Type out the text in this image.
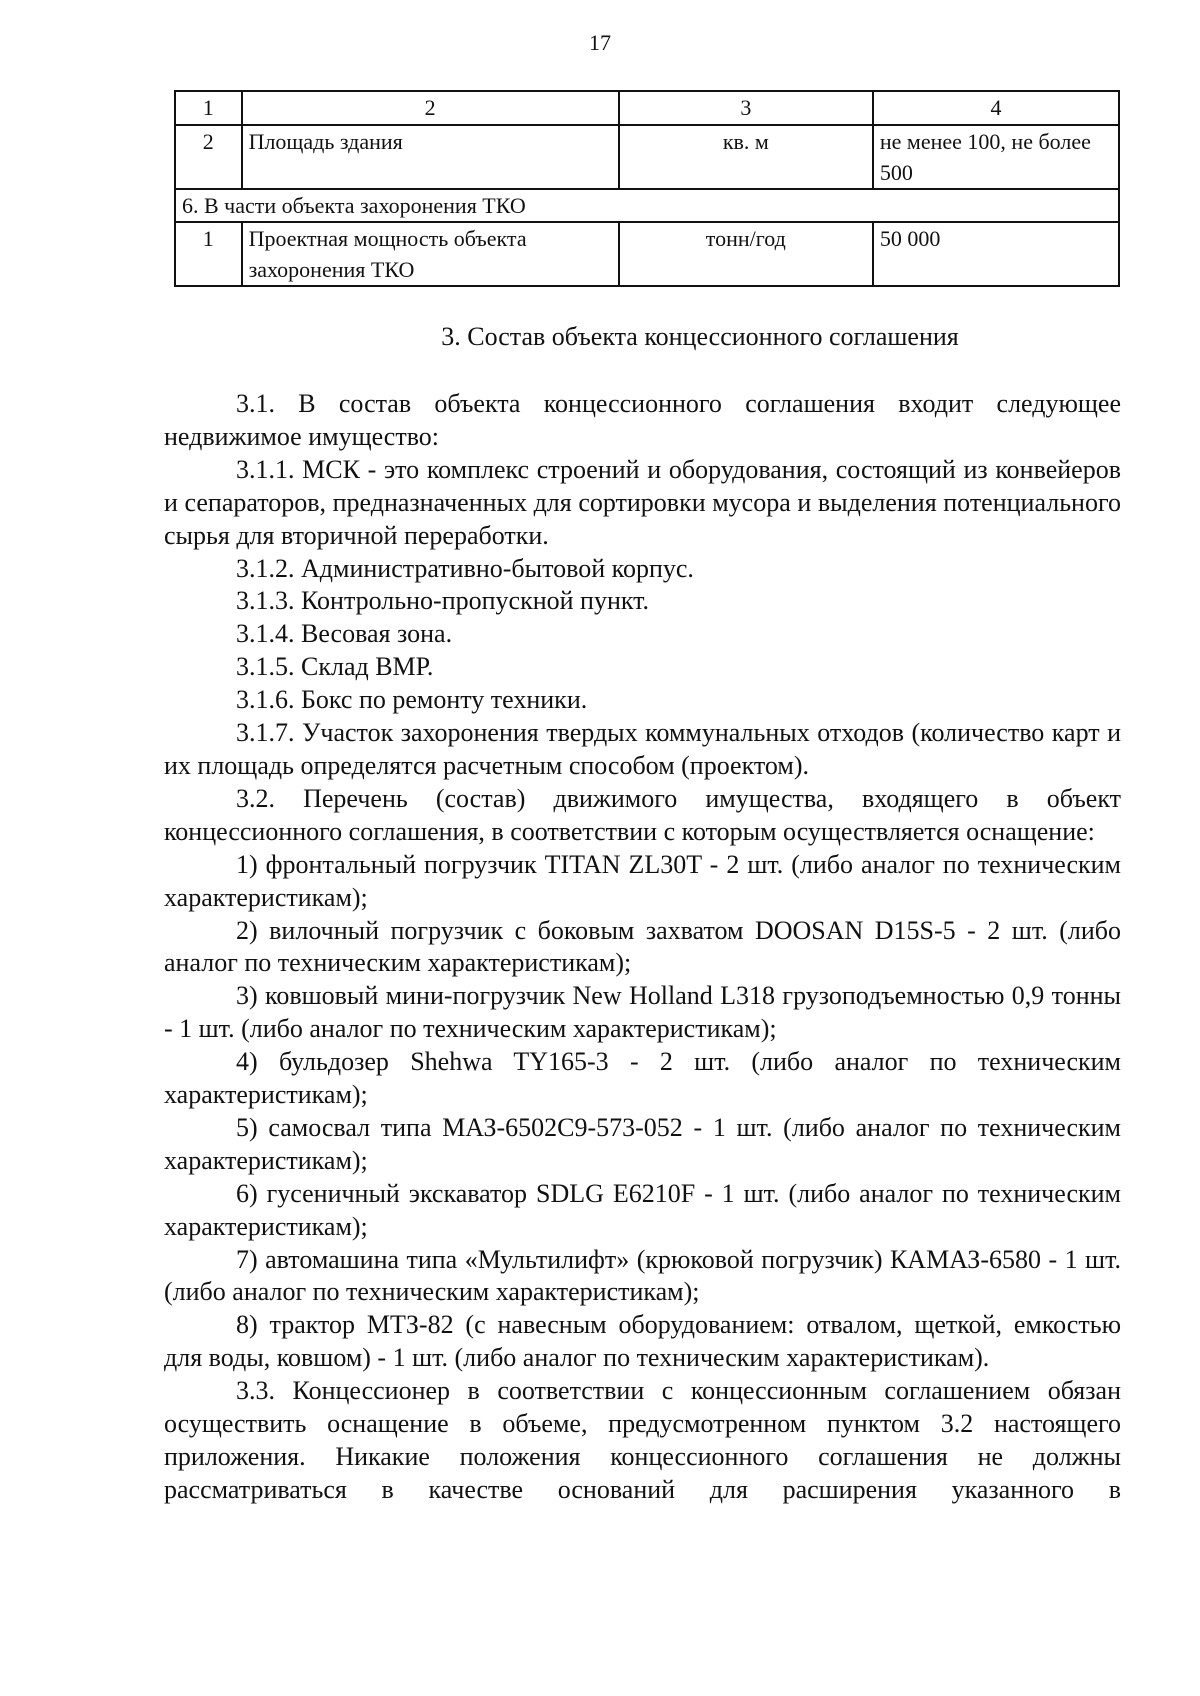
17
1	2	3	4
2	Площадь здания	кв. м	не менее 100, не более 500
6. В части объекта захоронения ТКО			
1	Проектная мощность объекта захоронения ТКО	тонн/год	50 000
3. Состав объекта концессионного соглашения

3.1. В состав объекта концессионного соглашения входит следующее недвижимое имущество:

3.1.1. МСК - это комплекс строений и оборудования, состоящий из конвейеров и сепараторов, предназначенных для сортировки мусора и выделения потенциального сырья для вторичной переработки.

3.1.2. Административно-бытовой корпус.

3.1.3. Контрольно-пропускной пункт.

3.1.4. Весовая зона.

3.1.5. Склад ВМР.

3.1.6. Бокс по ремонту техники.

3.1.7. Участок захоронения твердых коммунальных отходов (количество карт и их площадь определятся расчетным способом (проектом).

3.2. Перечень (состав) движимого имущества, входящего в объект концессионного соглашения, в соответствии с которым осуществляется оснащение:

1) фронтальный погрузчик TITAN ZL30T - 2 шт. (либо аналог по техническим характеристикам);

2) вилочный погрузчик с боковым захватом DOOSAN D15S-5 - 2 шт. (либо аналог по техническим характеристикам);

3) ковшовый мини-погрузчик New Holland L318 грузоподъемностью 0,9 тонны - 1 шт. (либо аналог по техническим характеристикам);

4) бульдозер Shehwa TY165-3 - 2 шт. (либо аналог по техническим характеристикам);

5) самосвал типа МАЗ-6502С9-573-052 - 1 шт. (либо аналог по техническим характеристикам);

6) гусеничный экскаватор SDLG E6210F - 1 шт. (либо аналог по техническим характеристикам);

7) автомашина типа «Мультилифт» (крюковой погрузчик) КАМАЗ-6580 - 1 шт. (либо аналог по техническим характеристикам);

8) трактор МТЗ-82 (с навесным оборудованием: отвалом, щеткой, емкостью для воды, ковшом) - 1 шт. (либо аналог по техническим характеристикам).

3.3. Концессионер в соответствии с концессионным соглашением обязан осуществить оснащение в объеме, предусмотренном пунктом 3.2 настоящего приложения. Никакие положения концессионного соглашения не должны рассматриваться в качестве оснований для расширения указанного в
